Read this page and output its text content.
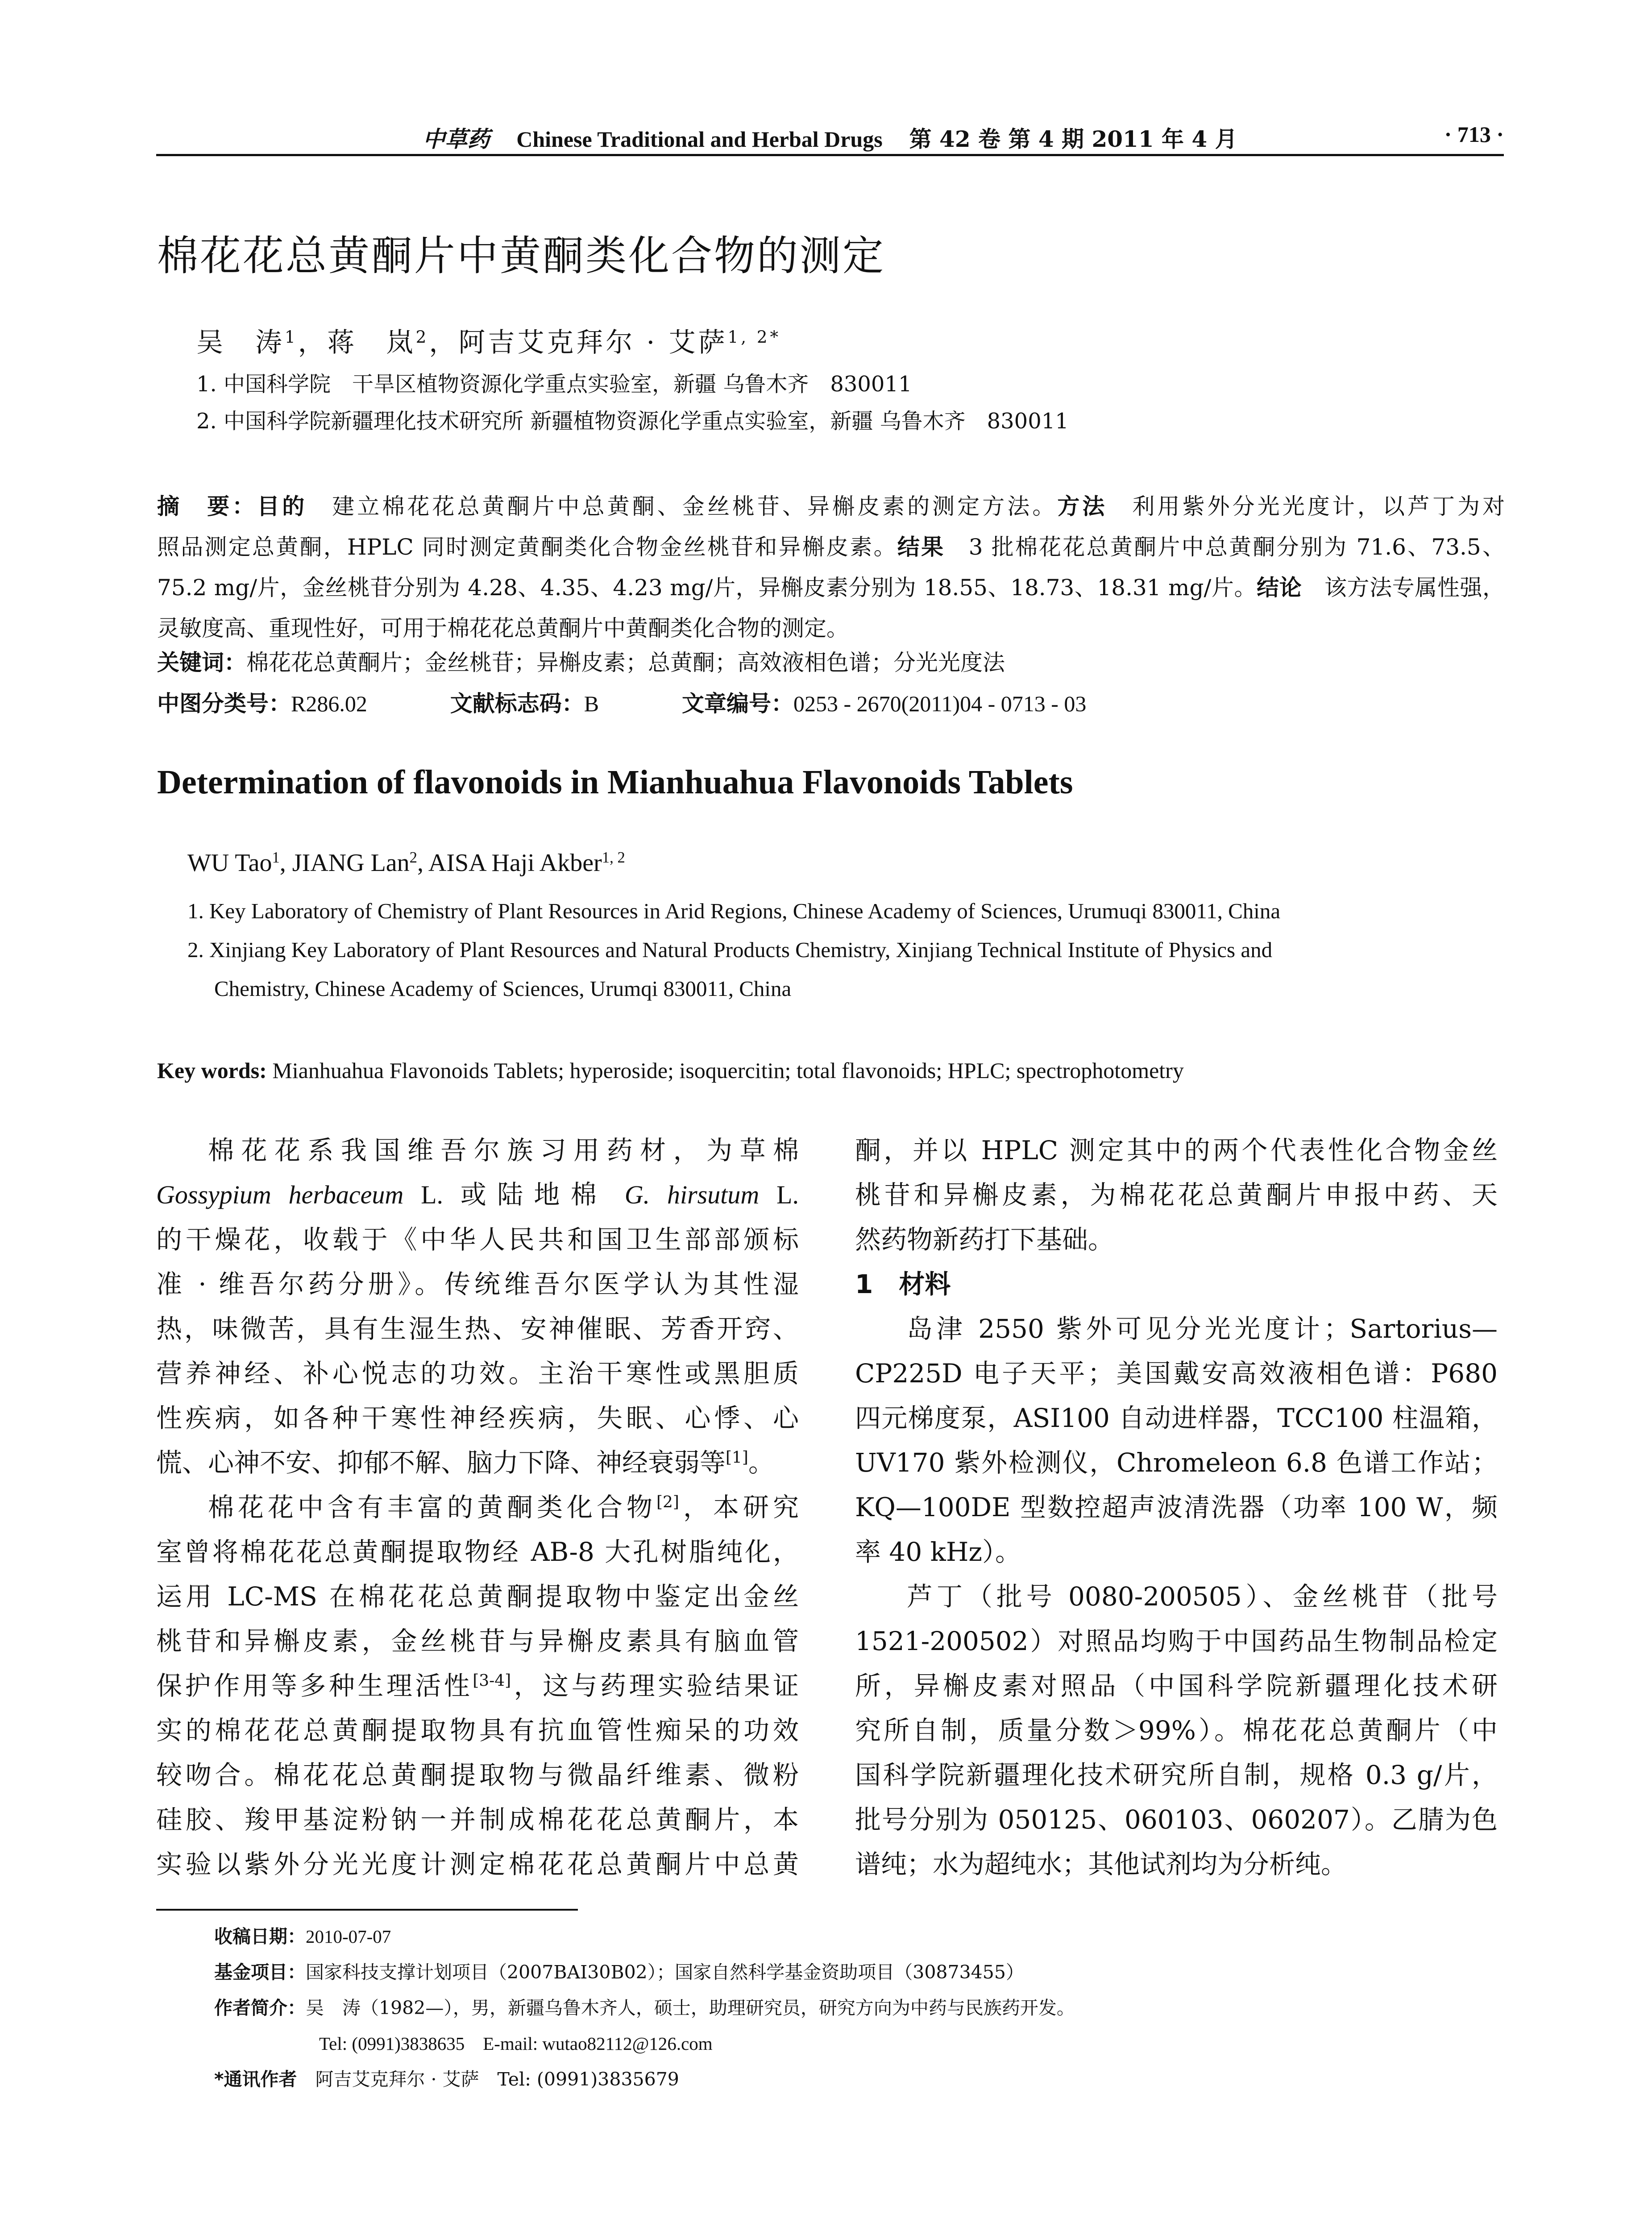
中草药 Chinese Traditional and Herbal Drugs 第 42 卷 第 4 期 2011 年 4 月	· 713 ·
棉花花总黄酮片中黄酮类化合物的测定
吴　涛$^1$，蒋　岚$^2$，阿吉艾克拜尔 · 艾萨$^{1, 2*}$
1. 中国科学院　干旱区植物资源化学重点实验室，新疆 乌鲁木齐　830011
2. 中国科学院新疆理化技术研究所 新疆植物资源化学重点实验室，新疆 乌鲁木齐　830011

摘　要：目的　建立棉花花总黄酮片中总黄酮、金丝桃苷、异槲皮素的测定方法。方法　利用紫外分光光度计，以芦丁为对

照品测定总黄酮，HPLC 同时测定黄酮类化合物金丝桃苷和异槲皮素。结果　3 批棉花花总黄酮片中总黄酮分别为 71.6、73.5、

75.2 mg/片，金丝桃苷分别为 4.28、4.35、4.23 mg/片，异槲皮素分别为 18.55、18.73、18.31 mg/片。结论　该方法专属性强，

灵敏度高、重现性好，可用于棉花花总黄酮片中黄酮类化合物的测定。

关键词：棉花花总黄酮片；金丝桃苷；异槲皮素；总黄酮；高效液相色谱；分光光度法
中图分类号：R286.02	文献标志码：B	文章编号：0253 - 2670(2011)04 - 0713 - 03
Determination of flavonoids in Mianhuahua Flavonoids Tablets
WU Tao$^1$, JIANG Lan$^2$, AISA Haji Akber$^{1, 2}$
1. Key Laboratory of Chemistry of Plant Resources in Arid Regions, Chinese Academy of Sciences, Urumuqi 830011, China
2. Xinjiang Key Laboratory of Plant Resources and Natural Products Chemistry, Xinjiang Technical Institute of Physics and
Chemistry, Chinese Academy of Sciences, Urumqi 830011, China
Key words: Mianhuahua Flavonoids Tablets; hyperoside; isoquercitin; total flavonoids; HPLC; spectrophotometry
棉花花系我国维吾尔族习用药材，为草棉
Gossypium herbaceum L. 或陆地棉 G. hirsutum L.
的干燥花，收载于《中华人民共和国卫生部部颁标
准 · 维吾尔药分册》。传统维吾尔医学认为其性湿
热，味微苦，具有生湿生热、安神催眠、芳香开窍、
营养神经、补心悦志的功效。主治干寒性或黑胆质
性疾病，如各种干寒性神经疾病，失眠、心悸、心
慌、心神不安、抑郁不解、脑力下降、神经衰弱等[1]。
棉花花中含有丰富的黄酮类化合物[2]，本研究
室曾将棉花花总黄酮提取物经 AB-8 大孔树脂纯化，
运用 LC-MS 在棉花花总黄酮提取物中鉴定出金丝
桃苷和异槲皮素，金丝桃苷与异槲皮素具有脑血管
保护作用等多种生理活性[3-4]，这与药理实验结果证
实的棉花花总黄酮提取物具有抗血管性痴呆的功效
较吻合。棉花花总黄酮提取物与微晶纤维素、微粉
硅胶、羧甲基淀粉钠一并制成棉花花总黄酮片，本
实验以紫外分光光度计测定棉花花总黄酮片中总黄
酮，并以 HPLC 测定其中的两个代表性化合物金丝
桃苷和异槲皮素，为棉花花总黄酮片申报中药、天
然药物新药打下基础。
1　材料
岛津 2550 紫外可见分光光度计；Sartorius—
CP225D 电子天平；美国戴安高效液相色谱：P680
四元梯度泵，ASI100 自动进样器，TCC100 柱温箱，
UV170 紫外检测仪，Chromeleon 6.8 色谱工作站；
KQ—100DE 型数控超声波清洗器（功率 100 W，频
率 40 kHz）。
芦丁（批号 0080-200505）、金丝桃苷（批号
1521-200502）对照品均购于中国药品生物制品检定
所，异槲皮素对照品（中国科学院新疆理化技术研
究所自制，质量分数＞99%）。棉花花总黄酮片（中
国科学院新疆理化技术研究所自制，规格 0.3 g/片，
批号分别为 050125、060103、060207）。乙腈为色
谱纯；水为超纯水；其他试剂均为分析纯。
收稿日期：2010-07-07
基金项目：国家科技支撑计划项目（2007BAI30B02）；国家自然科学基金资助项目（30873455）
作者简介：吴　涛（1982—），男，新疆乌鲁木齐人，硕士，助理研究员，研究方向为中药与民族药开发。
Tel: (0991)3838635　E-mail: wutao82112@126.com
*通讯作者　阿吉艾克拜尔 · 艾萨　Tel: (0991)3835679
